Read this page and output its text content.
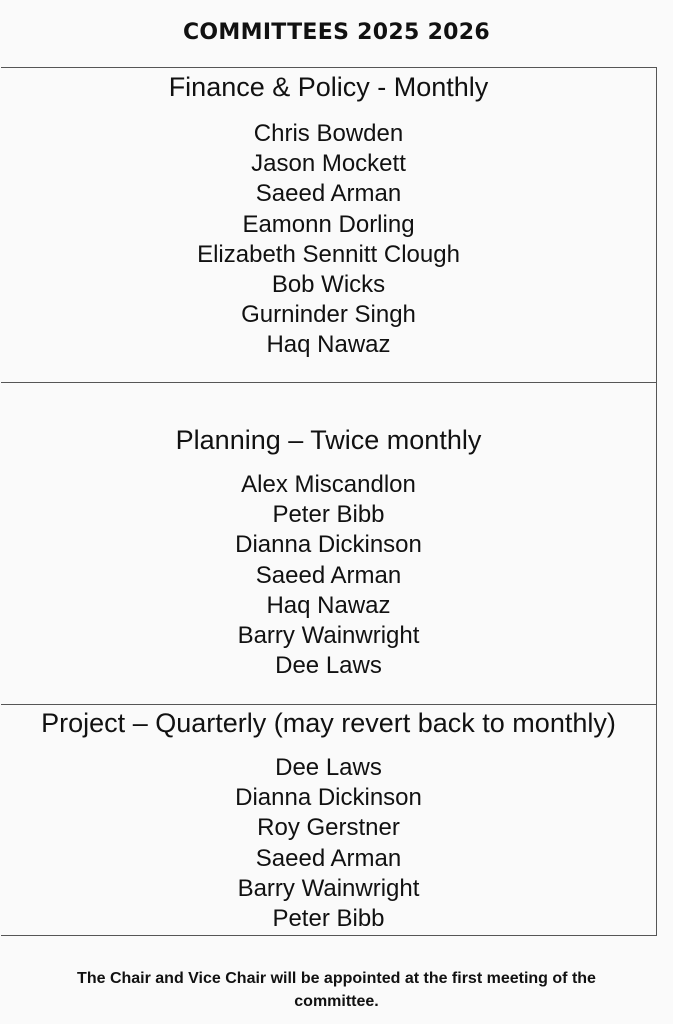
COMMITTEES 2025 2026
Finance & Policy - Monthly
Chris Bowden
Jason Mockett
Saeed Arman
Eamonn Dorling
Elizabeth Sennitt Clough
Bob Wicks
Gurninder Singh
Haq Nawaz
Planning – Twice monthly
Alex Miscandlon
Peter Bibb
Dianna Dickinson
Saeed Arman
Haq Nawaz
Barry Wainwright
Dee Laws
Project – Quarterly (may revert back to monthly)
Dee Laws
Dianna Dickinson
Roy Gerstner
Saeed Arman
Barry Wainwright
Peter Bibb
The Chair and Vice Chair will be appointed at the first meeting of the
committee.
